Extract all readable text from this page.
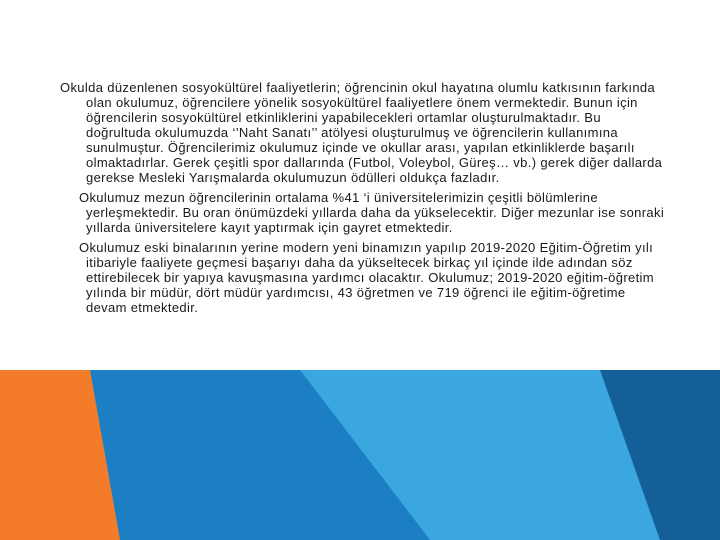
Okulda düzenlenen sosyokültürel faaliyetlerin; öğrencinin okul hayatına olumlu katkısının farkında olan okulumuz, öğrencilere yönelik sosyokültürel faaliyetlere önem vermektedir. Bunun için öğrencilerin sosyokültürel etkinliklerini yapabilecekleri ortamlar oluşturulmaktadır. Bu doğrultuda okulumuzda ‘’Naht Sanatı’’ atölyesi oluşturulmuş ve öğrencilerin kullanımına sunulmuştur. Öğrencilerimiz okulumuz içinde ve okullar arası, yapılan etkinliklerde başarılı olmaktadırlar. Gerek çeşitli spor dallarında (Futbol, Voleybol, Güreş… vb.) gerek diğer dallarda gerekse Mesleki Yarışmalarda okulumuzun ödülleri oldukça fazladır.

Okulumuz mezun öğrencilerinin ortalama %41 ‘i üniversitelerimizin çeşitli bölümlerine yerleşmektedir. Bu oran önümüzdeki yıllarda daha da yükselecektir. Diğer mezunlar ise sonraki yıllarda üniversitelere kayıt yaptırmak için gayret etmektedir.

Okulumuz eski binalarının yerine modern yeni binamızın yapılıp 2019-2020 Eğitim-Öğretim yılı itibariyle faaliyete geçmesi başarıyı daha da yükseltecek birkaç yıl içinde ilde adından söz ettirebilecek bir yapıya kavuşmasına yardımcı olacaktır. Okulumuz; 2019-2020 eğitim-öğretim yılında bir müdür, dört müdür yardımcısı, 43 öğretmen ve 719 öğrenci ile eğitim-öğretime devam etmektedir.
